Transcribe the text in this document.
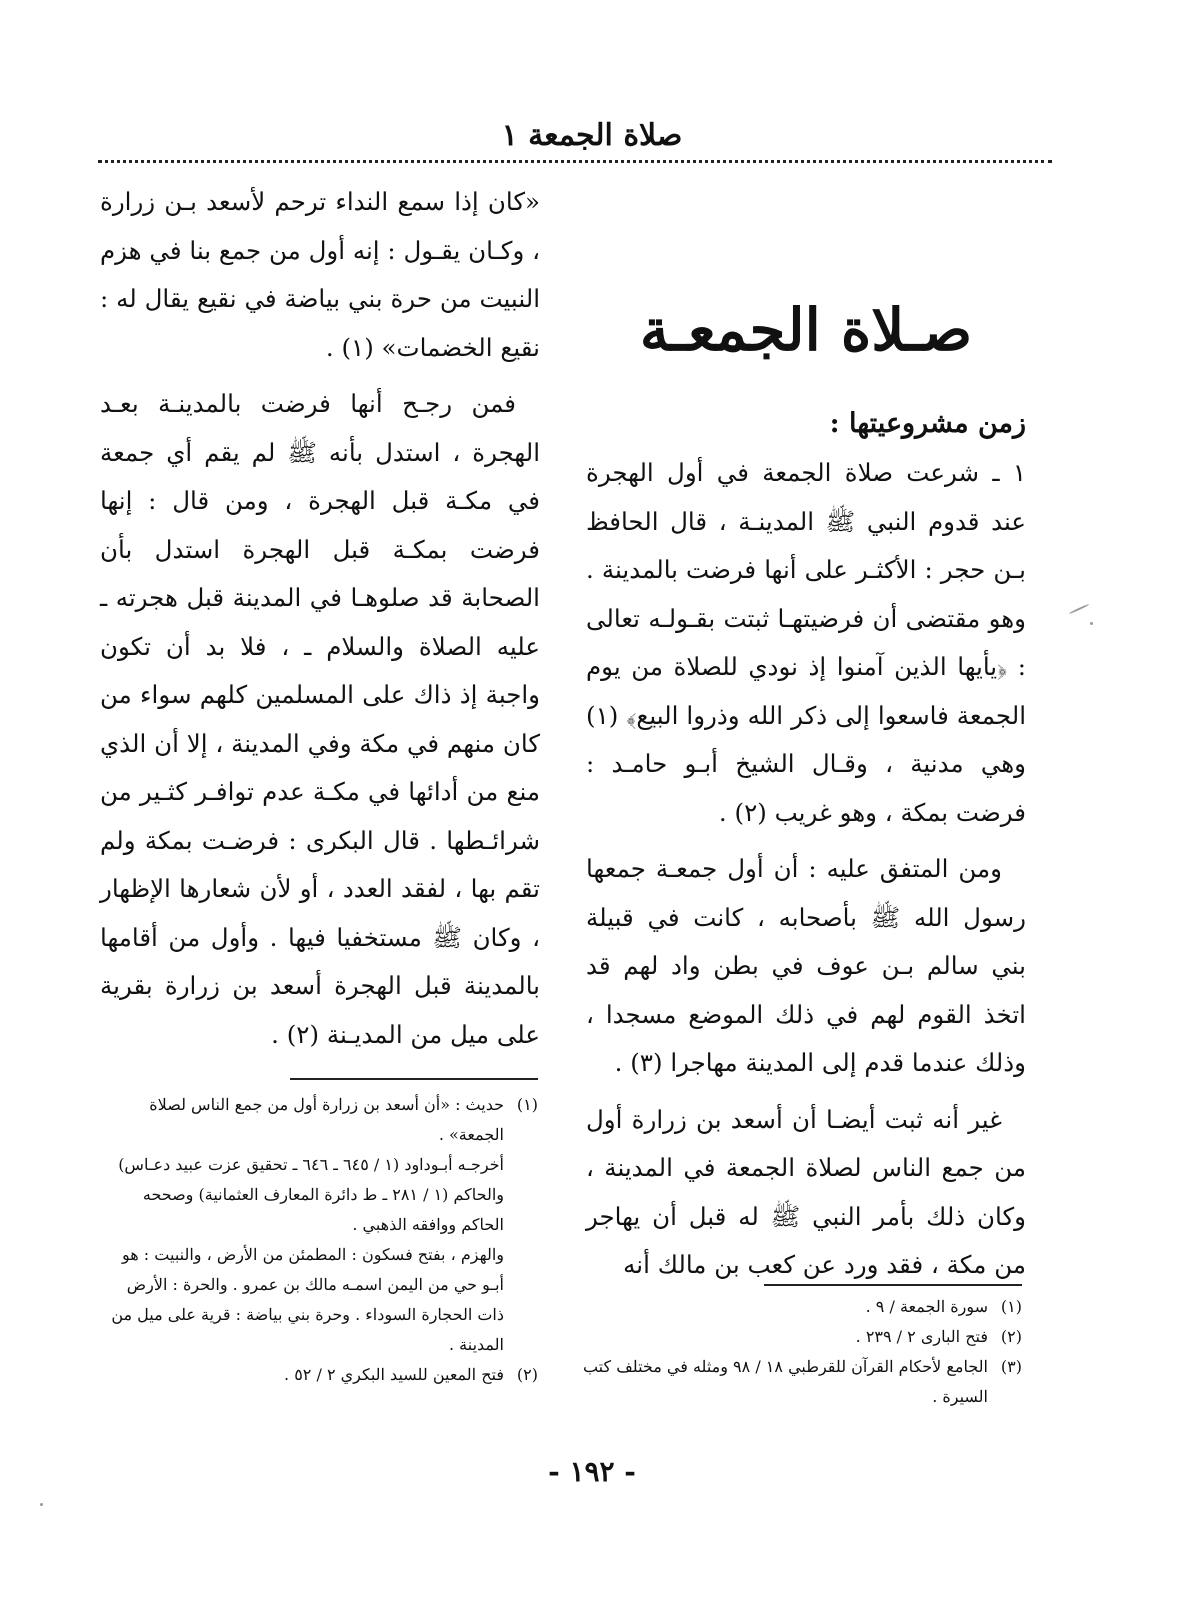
صلاة الجمعة ١
صـلاة الجمعـة
زمن مشروعيتها :

١ ـ شرعت صلاة الجمعة في أول الهجرة عند قدوم النبي ﷺ المدينـة ، قال الحافظ بـن حجر : الأكثـر على أنها فرضت بالمدينة . وهو مقتضى أن فرضيتهـا ثبتت بقـولـه تعالى : ﴿يأيها الذين آمنوا إذ نودي للصلاة من يوم الجمعة فاسعوا إلى ذكر الله وذروا البيع﴾ (١) وهي مدنية ، وقـال الشيخ أبـو حامـد : فرضت بمكة ، وهو غريب (٢) .

ومن المتفق عليه : أن أول جمعـة جمعها رسول الله ﷺ بأصحابه ، كانت في قبيلة بني سالم بـن عوف في بطن واد لهم قد اتخذ القوم لهم في ذلك الموضع مسجدا ، وذلك عندما قدم إلى المدينة مهاجرا (٣) .

غير أنه ثبت أيضـا أن أسعد بن زرارة أول من جمع الناس لصلاة الجمعة في المدينة ، وكان ذلك بأمر النبي ﷺ له قبل أن يهاجر من مكة ، فقد ورد عن كعب بن مالك أنه

«كان إذا سمع النداء ترحم لأسعد بـن زرارة ، وكـان يقـول : إنه أول من جمع بنا في هزم النبيت من حرة بني بياضة في نقيع يقال له : نقيع الخضمات» (١) .

فمن رجـح أنها فرضت بالمدينـة بعـد الهجرة ، استدل بأنه ﷺ لم يقم أي جمعة في مكـة قبل الهجرة ، ومن قال : إنها فرضت بمكـة قبل الهجرة استدل بأن الصحابة قد صلوهـا في المدينة قبل هجرته ـ عليه الصلاة والسلام ـ ، فلا بد أن تكون واجبة إذ ذاك على المسلمين كلهم سواء من كان منهم في مكة وفي المدينة ، إلا أن الذي منع من أدائها في مكـة عدم توافـر كثـير من شرائـطها . قال البكرى : فرضـت بمكة ولم تقم بها ، لفقد العدد ، أو لأن شعارها الإظهار ، وكان ﷺ مستخفيا فيها . وأول من أقامها بالمدينة قبل الهجرة أسعد بن زرارة بقرية على ميل من المديـنة (٢) .

(١)
سورة الجمعة / ٩ .
(٢)
فتح البارى ٢ / ٢٣٩ .
(٣)
الجامع لأحكام القرآن للقرطبي ١٨ / ٩٨ ومثله في مختلف كتب السيرة .
(١)
حديث : «أن أسعد بن زرارة أول من جمع الناس لصلاة الجمعة» .
أخرجـه أبـوداود (١ / ٦٤٥ ـ ٦٤٦ ـ تحقيق عزت عبيد دعـاس) والحاكم (١ / ٢٨١ ـ ط دائرة المعارف العثمانية) وصححه الحاكم ووافقه الذهبي .
والهزم ، بفتح فسكون : المطمئن من الأرض ، والنبيت : هو أبـو حي من اليمن اسمـه مالك بن عمرو . والحرة : الأرض ذات الحجارة السوداء . وحرة بني بياضة : قرية على ميل من المدينة .
(٢)
فتح المعين للسيد البكري ٢ / ٥٢ .
- ١٩٢ -
